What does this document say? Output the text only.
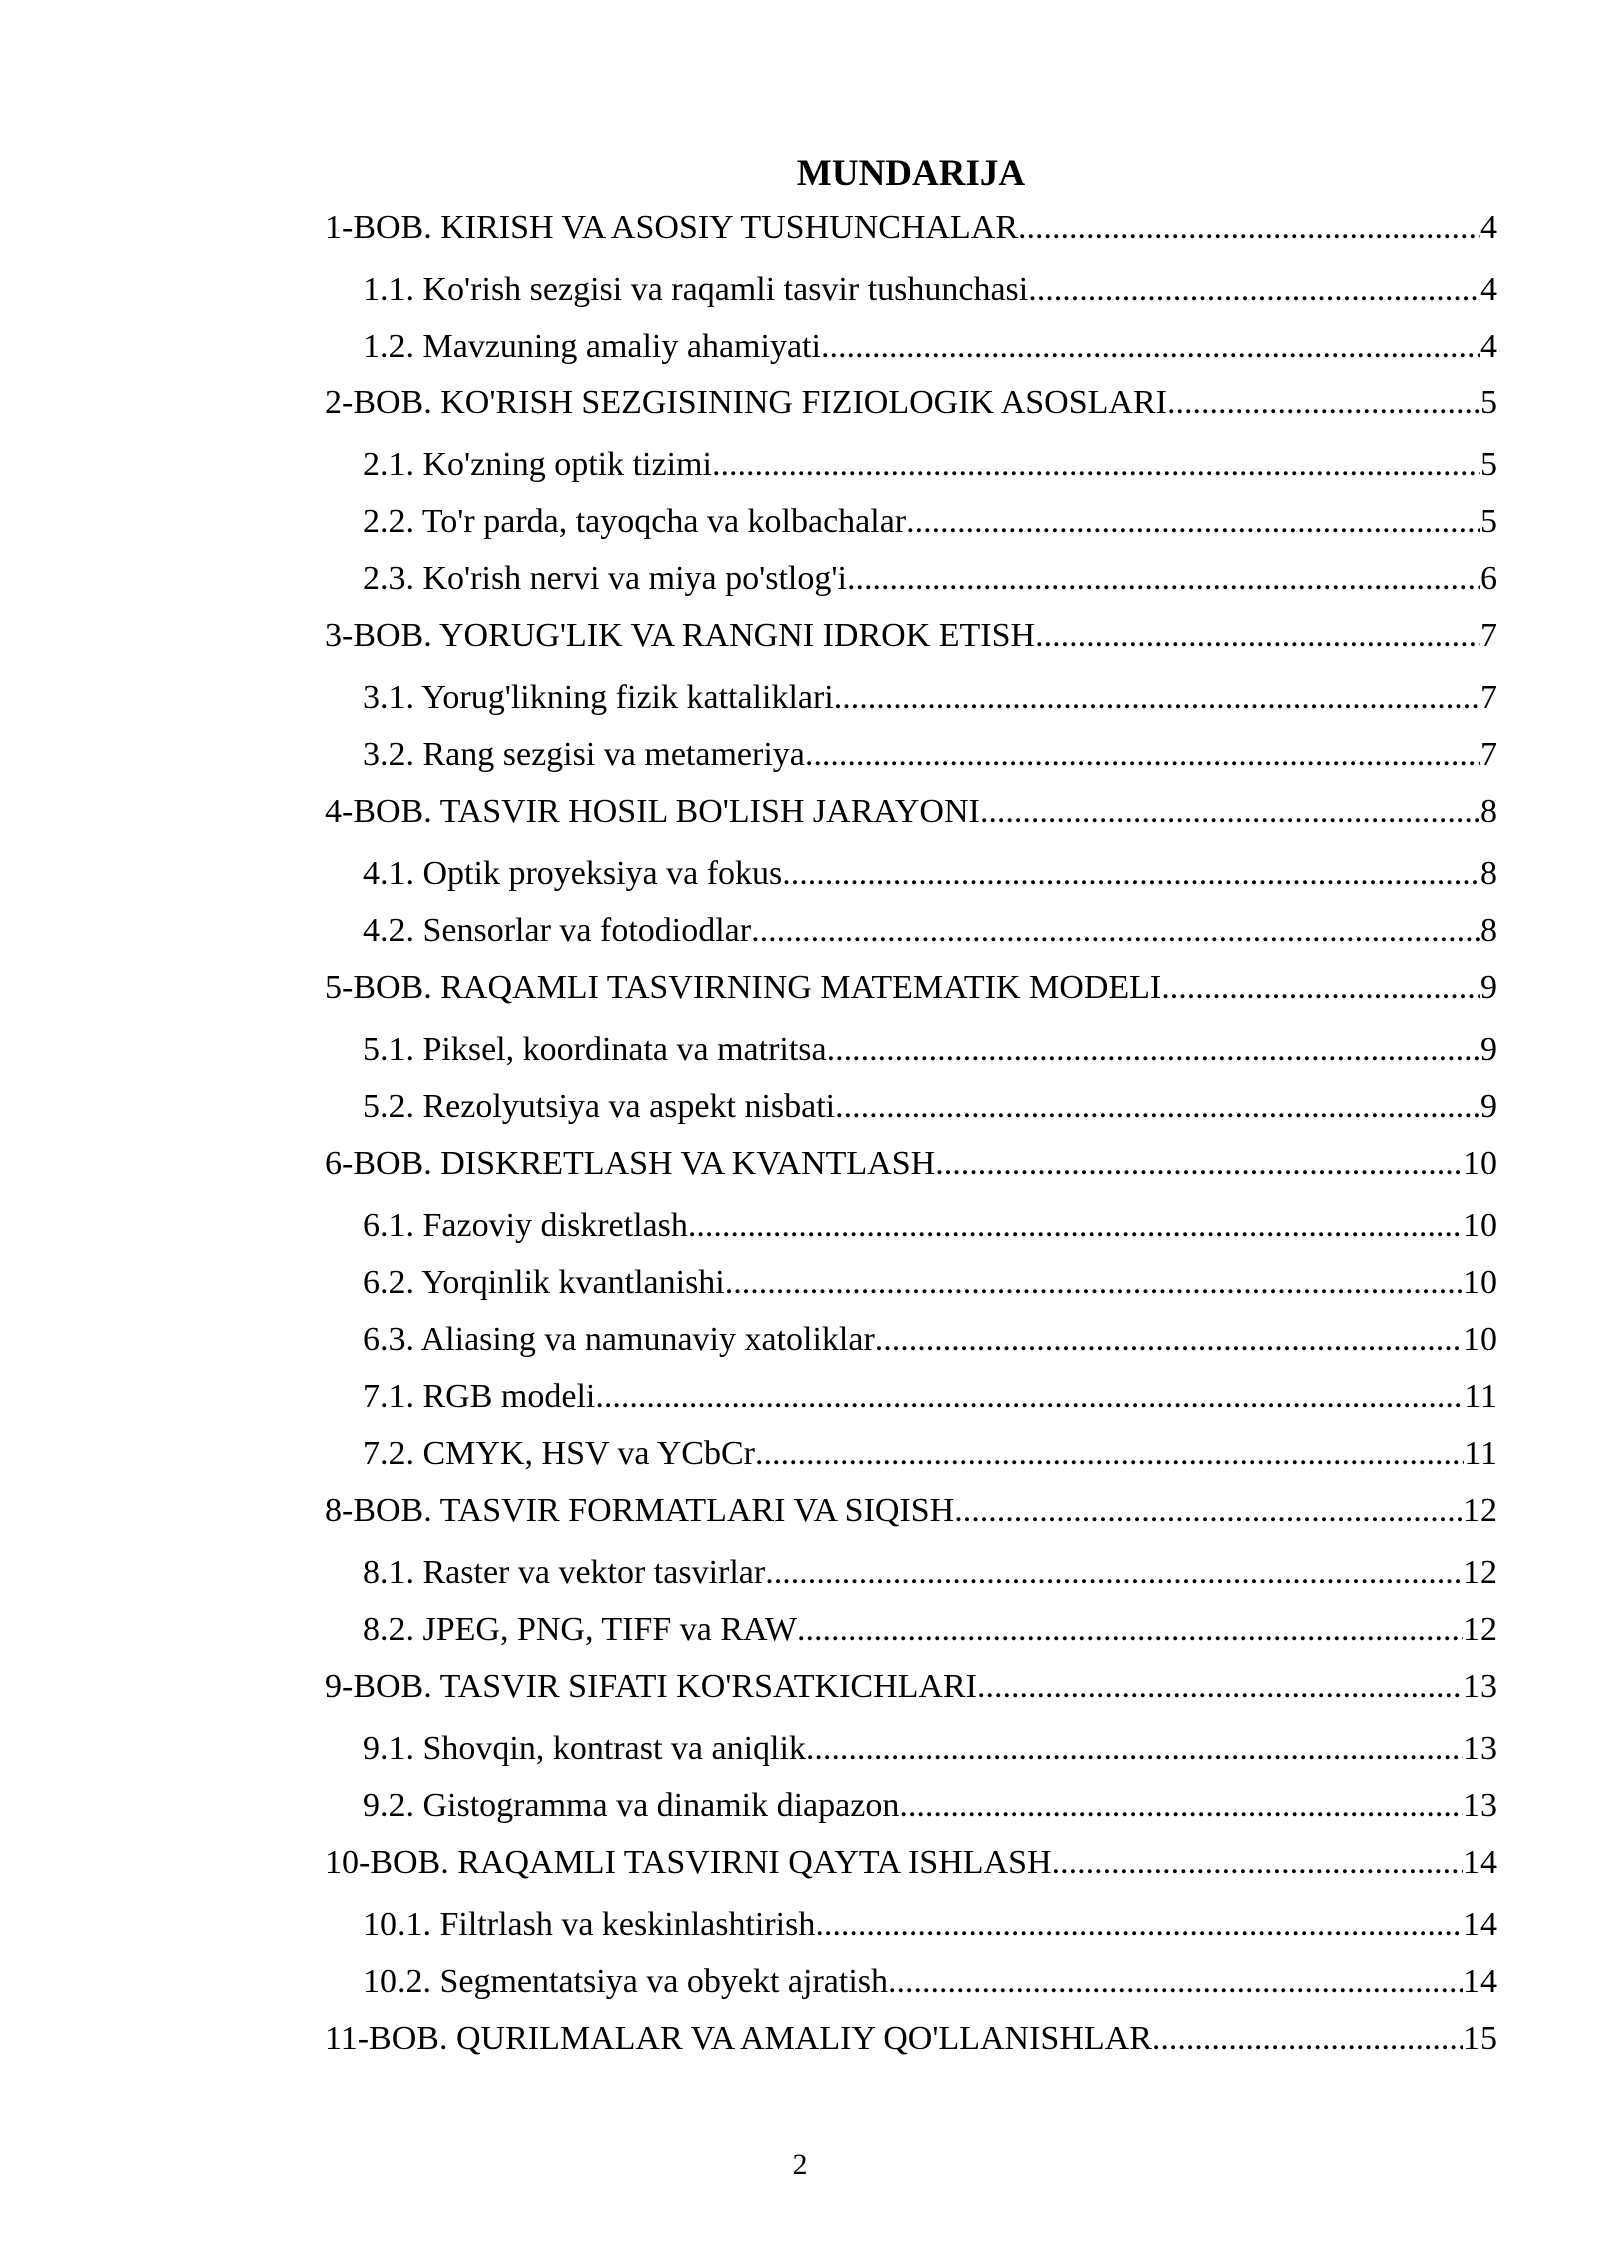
MUNDARIJA
1-BOB. KIRISH VA ASOSIY TUSHUNCHALAR .....	4
1.1. Ko'rish sezgisi va raqamli tasvir tushunchasi .....	4
1.2. Mavzuning amaliy ahamiyati .....	4
2-BOB. KO'RISH SEZGISINING FIZIOLOGIK ASOSLARI .....	5
2.1. Ko'zning optik tizimi .....	5
2.2. To'r parda, tayoqcha va kolbachalar .....	5
2.3. Ko'rish nervi va miya po'stlog'i .....	6
3-BOB. YORUG'LIK VA RANGNI IDROK ETISH .....	7
3.1. Yorug'likning fizik kattaliklari .....	7
3.2. Rang sezgisi va metameriya .....	7
4-BOB. TASVIR HOSIL BO'LISH JARAYONI .....	8
4.1. Optik proyeksiya va fokus .....	8
4.2. Sensorlar va fotodiodlar .....	8
5-BOB. RAQAMLI TASVIRNING MATEMATIK MODELI .....	9
5.1. Piksel, koordinata va matritsa .....	9
5.2. Rezolyutsiya va aspekt nisbati .....	9
6-BOB. DISKRETLASH VA KVANTLASH .....	10
6.1. Fazoviy diskretlash .....	10
6.2. Yorqinlik kvantlanishi .....	10
6.3. Aliasing va namunaviy xatoliklar .....	10
7.1. RGB modeli .....	11
7.2. CMYK, HSV va YCbCr .....	11
8-BOB. TASVIR FORMATLARI VA SIQISH .....	12
8.1. Raster va vektor tasvirlar .....	12
8.2. JPEG, PNG, TIFF va RAW .....	12
9-BOB. TASVIR SIFATI KO'RSATKICHLARI .....	13
9.1. Shovqin, kontrast va aniqlik .....	13
9.2. Gistogramma va dinamik diapazon .....	13
10-BOB. RAQAMLI TASVIRNI QAYTA ISHLASH .....	14
10.1. Filtrlash va keskinlashtirish .....	14
10.2. Segmentatsiya va obyekt ajratish .....	14
11-BOB. QURILMALAR VA AMALIY QO'LLANISHLAR .....	15
2
